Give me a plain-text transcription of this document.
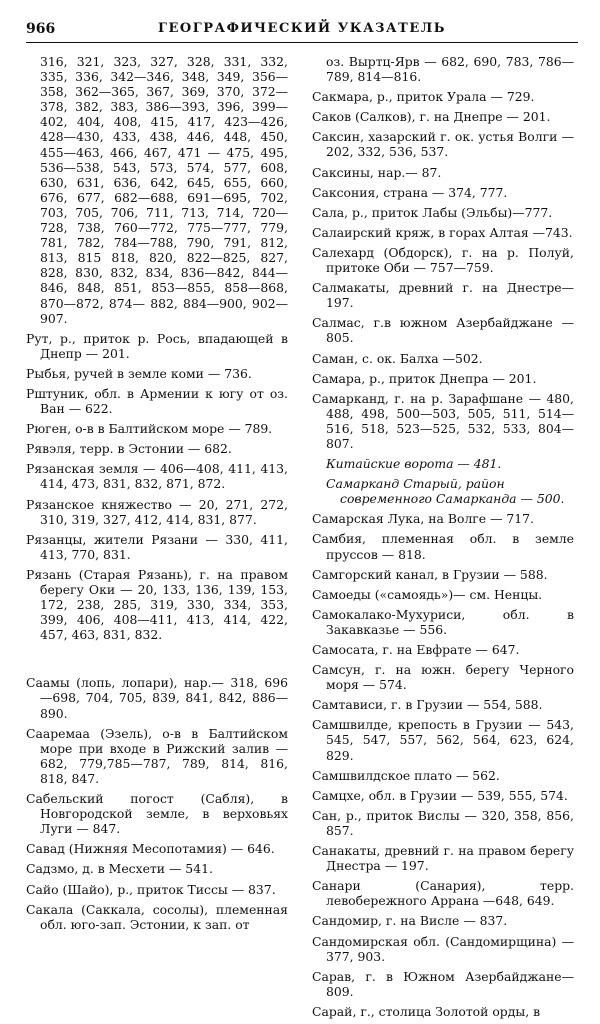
966	ГЕОГРАФИЧЕСКИЙ УКАЗАТЕЛЬ

316, 321, 323, 327, 328, 331, 332, 335, 336, 342—346, 348, 349, 356—358, 362—365, 367, 369, 370, 372—378, 382, 383, 386—393, 396, 399—402, 404, 408, 415, 417, 423—426, 428—430, 433, 438, 446, 448, 450, 455—463, 466, 467, 471 — 475, 495, 536—538, 543, 573, 574, 577, 608, 630, 631, 636, 642, 645, 655, 660, 676, 677, 682—688, 691—695, 702, 703, 705, 706, 711, 713, 714, 720—728, 738, 760—772, 775—777, 779, 781, 782, 784—788, 790, 791, 812, 813, 815 818, 820, 822—825, 827, 828, 830, 832, 834, 836—842, 844—846, 848, 851, 853—855, 858—868, 870—872, 874— 882, 884—900, 902—907.

Рут, р., приток р. Рось, впадающей в Днепр — 201.

Рыбья, ручей в земле коми — 736.

Рштуник, обл. в Армении к югу от оз. Ван — 622.

Рюген, о-в в Балтийском море — 789.

Рявэля, терр. в Эстонии — 682.

Рязанская земля — 406—408, 411, 413, 414, 473, 831, 832, 871, 872.

Рязанское княжество — 20, 271, 272, 310, 319, 327, 412, 414, 831, 877.

Рязанцы, жители Рязани — 330, 411, 413, 770, 831.

Рязань (Старая Рязань), г. на правом берегу Оки — 20, 133, 136, 139, 153, 172, 238, 285, 319, 330, 334, 353, 399, 406, 408—411, 413, 414, 422, 457, 463, 831, 832.

Саамы (лопь, лопари), нар.— 318, 696—698, 704, 705, 839, 841, 842, 886—890.

Сааремаа (Эзель), о-в в Балтийском море при входе в Рижский залив — 682, 779,785—787, 789, 814, 816, 818, 847.

Сабельский погост (Сабля), в Новгородской земле, в верховьях Луги — 847.

Савад (Нижняя Месопотамия) — 646.

Садзмо, д. в Месхети — 541.

Сайо (Шайо), р., приток Тиссы — 837.

Сакала (Саккала, сосолы), племенная обл. юго-зап. Эстонии, к зап. от

оз. Выртц-Ярв — 682, 690, 783, 786—789, 814—816.

Сакмара, р., приток Урала — 729.

Саков (Салков), г. на Днепре — 201.

Саксин, хазарский г. ок. устья Волги — 202, 332, 536, 537.

Саксины, нар.— 87.

Саксония, страна — 374, 777.

Сала, р., приток Лабы (Эльбы)—777.

Салаирский кряж, в горах Алтая —743.

Салехард (Обдорск), г. на р. Полуй, притоке Оби — 757—759.

Салмакаты, древний г. на Днестре—197.

Салмас, г.в южном Азербайджане —805.

Саман, с. ок. Балха —502.

Самара, р., приток Днепра — 201.

Самарканд, г. на р. Зарафшане — 480, 488, 498, 500—503, 505, 511, 514— 516, 518, 523—525, 532, 533, 804—807.

Китайские ворота — 481.

Самарканд Старый, район современного Самарканда — 500.

Самарская Лука, на Волге — 717.

Самбия, племенная обл. в земле пруссов — 818.

Самгорский канал, в Грузии — 588.

Самоеды («самоядь»)— см. Ненцы.

Самокалако-Мухуриси, обл. в Закавказье — 556.

Самосата, г. на Евфрате — 647.

Самсун, г. на южн. берегу Черного моря — 574.

Самтависи, г. в Грузии — 554, 588.

Самшвилде, крепость в Грузии — 543, 545, 547, 557, 562, 564, 623, 624, 829.

Самшвилдское плато — 562.

Самцхе, обл. в Грузии — 539, 555, 574.

Сан, р., приток Вислы — 320, 358, 856, 857.

Санакаты, древний г. на правом берегу Днестра — 197.

Санари (Санария), терр. левобережного Аррана —648, 649.

Сандомир, г. на Висле — 837.

Сандомирская обл. (Сандомирщина) — 377, 903.

Сарав, г. в Южном Азербайджане—809.

Сарай, г., столица Золотой орды, в
